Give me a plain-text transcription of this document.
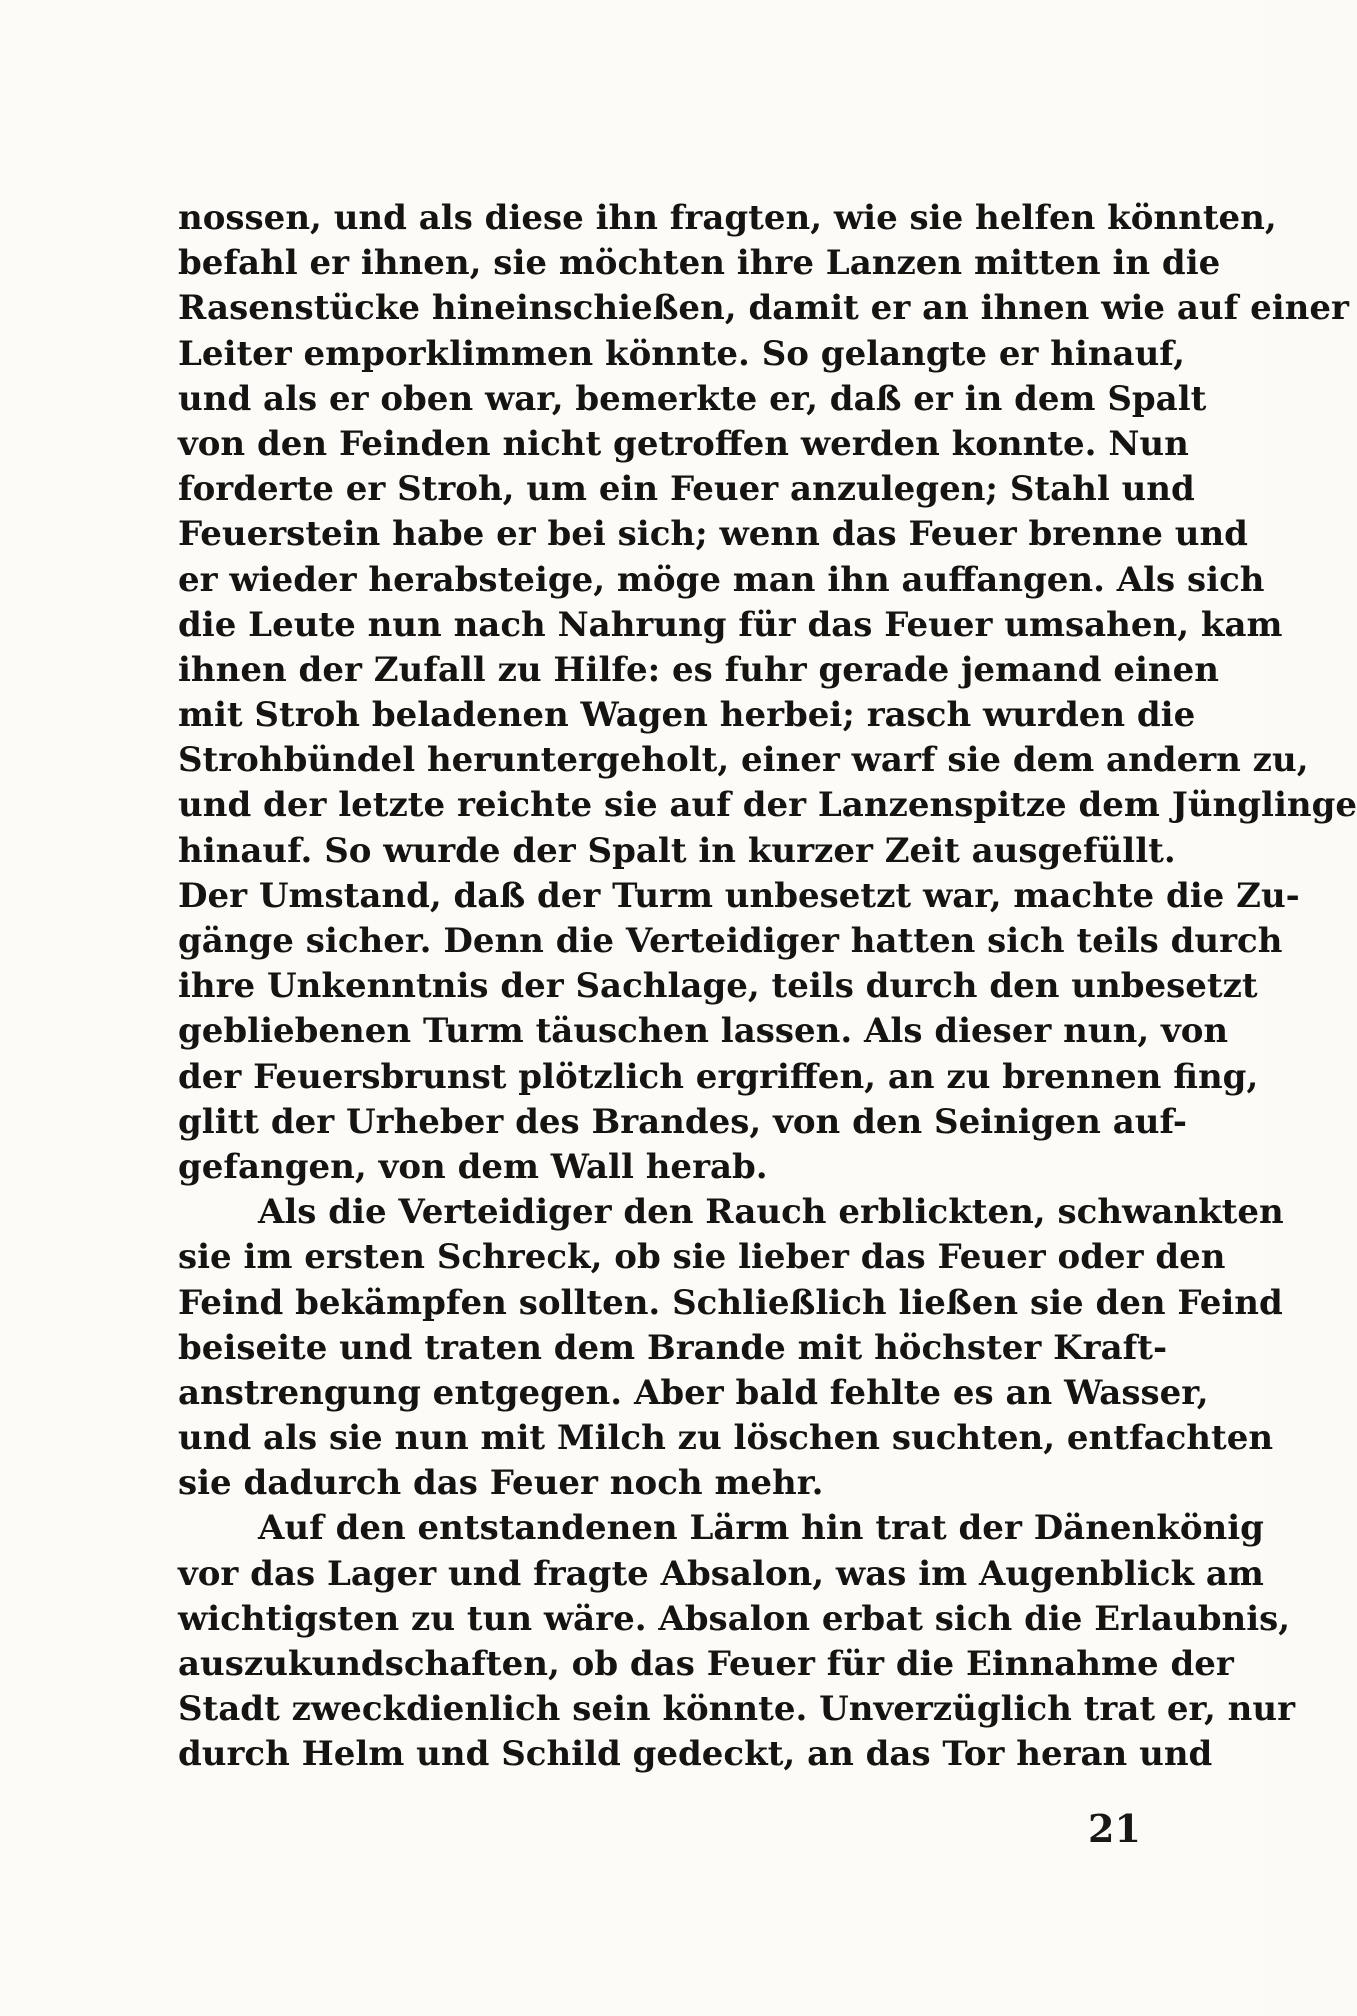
nossen, und als diese ihn fragten, wie sie helfen könnten,
befahl er ihnen, sie möchten ihre Lanzen mitten in die
Rasenstücke hineinschießen, damit er an ihnen wie auf einer
Leiter emporklimmen könnte. So gelangte er hinauf,
und als er oben war, bemerkte er, daß er in dem Spalt
von den Feinden nicht getroffen werden konnte. Nun
forderte er Stroh, um ein Feuer anzulegen; Stahl und
Feuerstein habe er bei sich; wenn das Feuer brenne und
er wieder herabsteige, möge man ihn auffangen. Als sich
die Leute nun nach Nahrung für das Feuer umsahen, kam
ihnen der Zufall zu Hilfe: es fuhr gerade jemand einen
mit Stroh beladenen Wagen herbei; rasch wurden die
Strohbündel heruntergeholt, einer warf sie dem andern zu,
und der letzte reichte sie auf der Lanzenspitze dem Jünglinge
hinauf. So wurde der Spalt in kurzer Zeit ausgefüllt.
Der Umstand, daß der Turm unbesetzt war, machte die Zu-
gänge sicher. Denn die Verteidiger hatten sich teils durch
ihre Unkenntnis der Sachlage, teils durch den unbesetzt
gebliebenen Turm täuschen lassen. Als dieser nun, von
der Feuersbrunst plötzlich ergriffen, an zu brennen fing,
glitt der Urheber des Brandes, von den Seinigen auf-
gefangen, von dem Wall herab.
Als die Verteidiger den Rauch erblickten, schwankten
sie im ersten Schreck, ob sie lieber das Feuer oder den
Feind bekämpfen sollten. Schließlich ließen sie den Feind
beiseite und traten dem Brande mit höchster Kraft-
anstrengung entgegen. Aber bald fehlte es an Wasser,
und als sie nun mit Milch zu löschen suchten, entfachten
sie dadurch das Feuer noch mehr.
Auf den entstandenen Lärm hin trat der Dänenkönig
vor das Lager und fragte Absalon, was im Augenblick am
wichtigsten zu tun wäre. Absalon erbat sich die Erlaubnis,
auszukundschaften, ob das Feuer für die Einnahme der
Stadt zweckdienlich sein könnte. Unverzüglich trat er, nur
durch Helm und Schild gedeckt, an das Tor heran und
21
